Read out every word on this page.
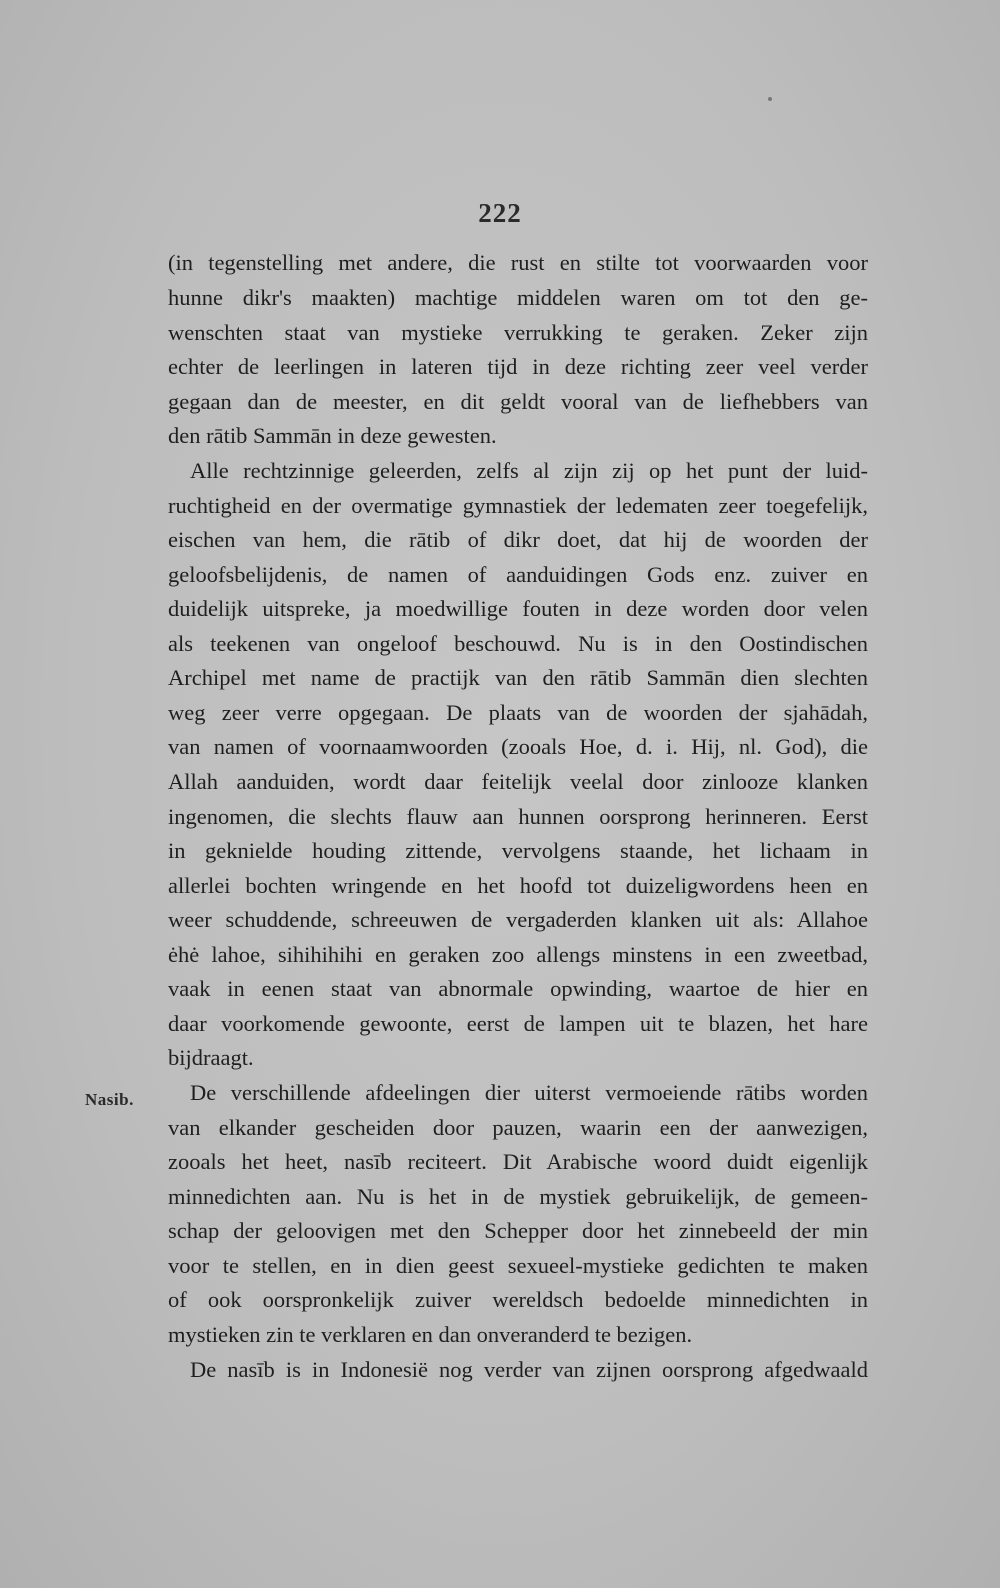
222
Nasib.
(in tegenstelling met andere, die rust en stilte tot voorwaarden voor
hunne dikr's maakten) machtige middelen waren om tot den ge-
wenschten staat van mystieke verrukking te geraken. Zeker zijn
echter de leerlingen in lateren tijd in deze richting zeer veel verder
gegaan dan de meester, en dit geldt vooral van de liefhebbers van
den rātib Sammān in deze gewesten.
Alle rechtzinnige geleerden, zelfs al zijn zij op het punt der luid-
ruchtigheid en der overmatige gymnastiek der ledematen zeer toegefelijk,
eischen van hem, die rātib of dikr doet, dat hij de woorden der
geloofsbelijdenis, de namen of aanduidingen Gods enz. zuiver en
duidelijk uitspreke, ja moedwillige fouten in deze worden door velen
als teekenen van ongeloof beschouwd. Nu is in den Oostindischen
Archipel met name de practijk van den rātib Sammān dien slechten
weg zeer verre opgegaan. De plaats van de woorden der sjahādah,
van namen of voornaamwoorden (zooals Hoe, d. i. Hij, nl. God), die
Allah aanduiden, wordt daar feitelijk veelal door zinlooze klanken
ingenomen, die slechts flauw aan hunnen oorsprong herinneren. Eerst
in geknielde houding zittende, vervolgens staande, het lichaam in
allerlei bochten wringende en het hoofd tot duizeligwordens heen en
weer schuddende, schreeuwen de vergaderden klanken uit als: Allahoe
ėhė lahoe, sihihihihi en geraken zoo allengs minstens in een zweetbad,
vaak in eenen staat van abnormale opwinding, waartoe de hier en
daar voorkomende gewoonte, eerst de lampen uit te blazen, het hare
bijdraagt.
De verschillende afdeelingen dier uiterst vermoeiende rātibs worden
van elkander gescheiden door pauzen, waarin een der aanwezigen,
zooals het heet, nasīb reciteert. Dit Arabische woord duidt eigenlijk
minnedichten aan. Nu is het in de mystiek gebruikelijk, de gemeen-
schap der geloovigen met den Schepper door het zinnebeeld der min
voor te stellen, en in dien geest sexueel-mystieke gedichten te maken
of ook oorspronkelijk zuiver wereldsch bedoelde minnedichten in
mystieken zin te verklaren en dan onveranderd te bezigen.
De nasīb is in Indonesië nog verder van zijnen oorsprong afgedwaald
